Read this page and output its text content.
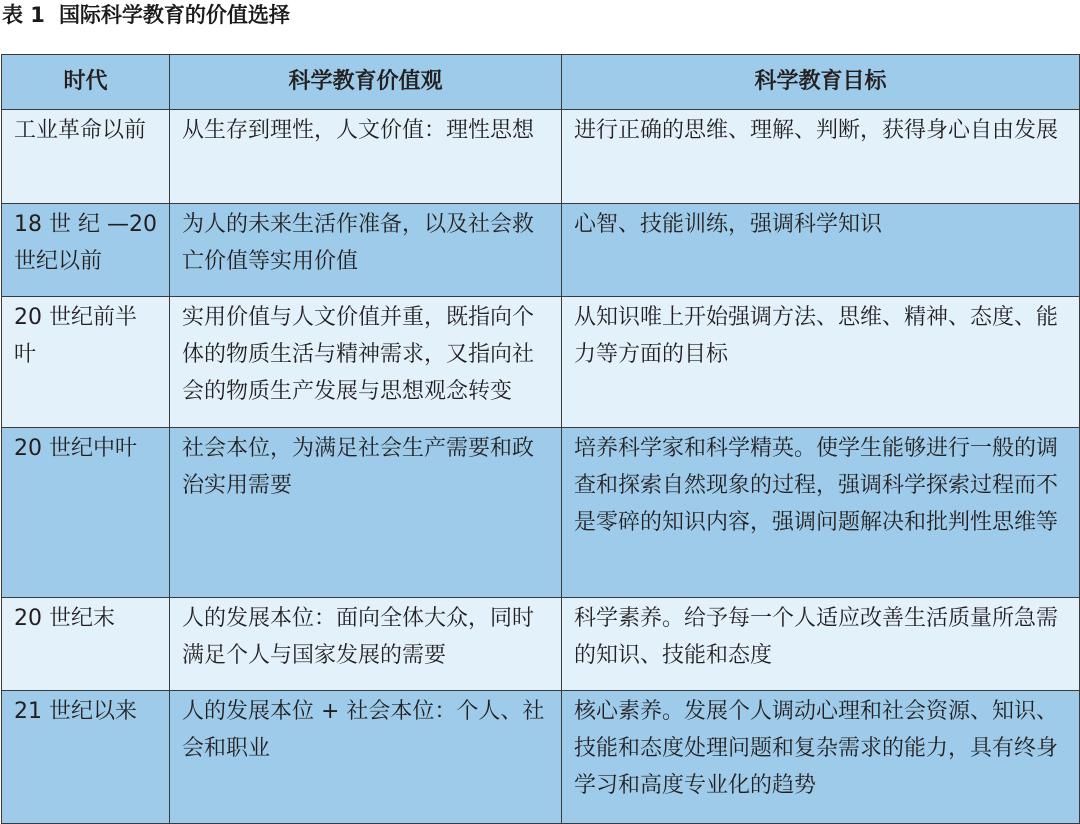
表 1 国际科学教育的价值选择
时代	科学教育价值观	科学教育目标
工业革命以前	从生存到理性，人文价值：理性思想	进行正确的思维、理解、判断，获得身心自由发展
18 世 纪 —20 世纪以前	为人的未来生活作准备，以及社会救亡价值等实用价值	心智、技能训练，强调科学知识
20 世纪前半叶	实用价值与人文价值并重，既指向个体的物质生活与精神需求，又指向社会的物质生产发展与思想观念转变	从知识唯上开始强调方法、思维、精神、态度、能力等方面的目标
20 世纪中叶	社会本位，为满足社会生产需要和政治实用需要	培养科学家和科学精英。使学生能够进行一般的调查和探索自然现象的过程，强调科学探索过程而不是零碎的知识内容，强调问题解决和批判性思维等
20 世纪末	人的发展本位：面向全体大众，同时满足个人与国家发展的需要	科学素养。给予每一个人适应改善生活质量所急需的知识、技能和态度
21 世纪以来	人的发展本位 + 社会本位：个人、社会和职业	核心素养。发展个人调动心理和社会资源、知识、技能和态度处理问题和复杂需求的能力，具有终身学习和高度专业化的趋势
